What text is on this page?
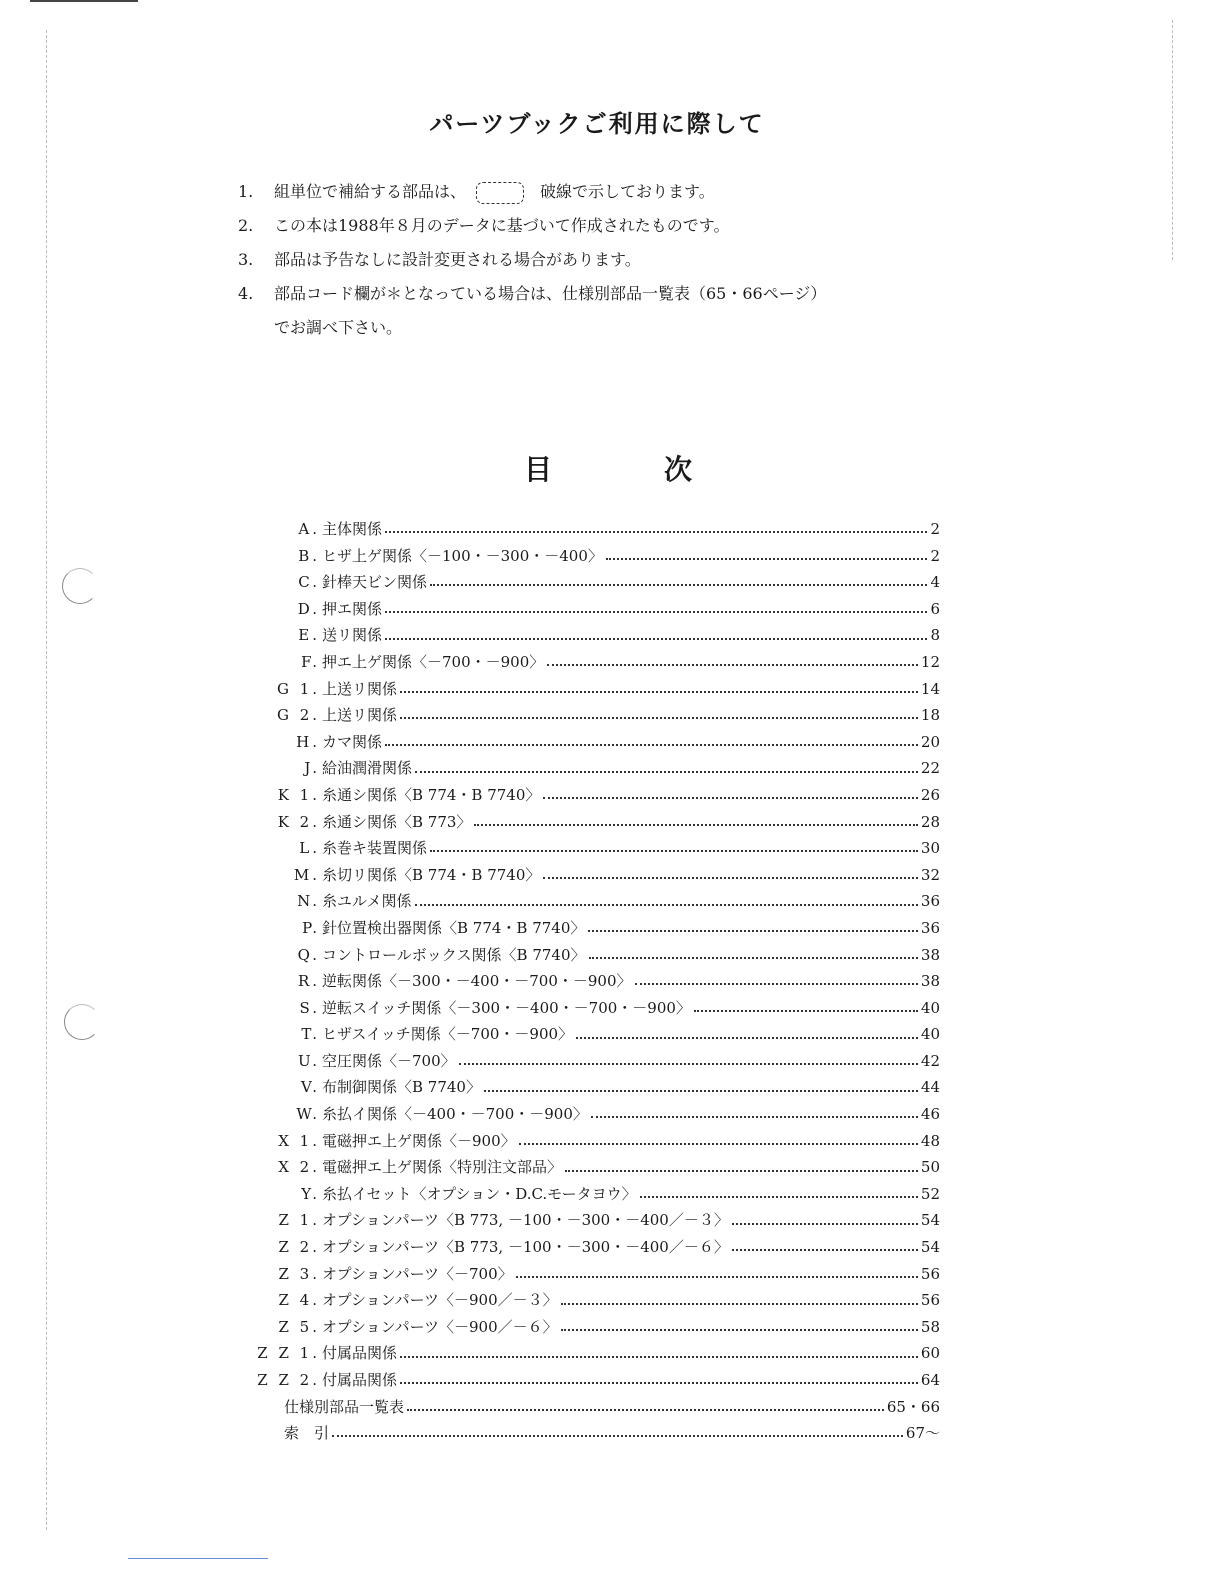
パーツブックご利用に際して
1. 組単位で補給する部品は、	破線で示しております。
2. この本は1988年８月のデータに基づいて作成されたものです。
3. 部品は予告なしに設計変更される場合があります。
4. 部品コード欄が＊となっている場合は、仕様別部品一覧表（65・66ページ）
でお調べ下さい。
目	次
A. 主体関係	2
B. ヒザ上ゲ関係〈－100・－300・－400〉	2
C. 針棒天ビン関係	4
D. 押エ関係	6
E. 送リ関係	8
F. 押エ上ゲ関係〈－700・－900〉	12
G 1. 上送リ関係	14
G 2. 上送リ関係	18
H. カマ関係	20
J. 給油潤滑関係	22
K 1. 糸通シ関係〈B 774・B 7740〉	26
K 2. 糸通シ関係〈B 773〉	28
L. 糸巻キ装置関係	30
M. 糸切リ関係〈B 774・B 7740〉	32
N. 糸ユルメ関係	36
P. 針位置検出器関係〈B 774・B 7740〉	36
Q. コントロールボックス関係〈B 7740〉	38
R. 逆転関係〈－300・－400・－700・－900〉	38
S. 逆転スイッチ関係〈－300・－400・－700・－900〉	40
T. ヒザスイッチ関係〈－700・－900〉	40
U. 空圧関係〈－700〉	42
V. 布制御関係〈B 7740〉	44
W. 糸払イ関係〈－400・－700・－900〉	46
X 1. 電磁押エ上ゲ関係〈－900〉	48
X 2. 電磁押エ上ゲ関係〈特別注文部品〉	50
Y. 糸払イセット〈オプション・D.C.モータヨウ〉	52
Z 1. オプションパーツ〈B 773, －100・－300・－400／－３〉	54
Z 2. オプションパーツ〈B 773, －100・－300・－400／－６〉	54
Z 3. オプションパーツ〈－700〉	56
Z 4. オプションパーツ〈－900／－３〉	56
Z 5. オプションパーツ〈－900／－６〉	58
Z Z 1. 付属品関係	60
Z Z 2. 付属品関係	64
仕様別部品一覧表	65・66
索　引	67～
